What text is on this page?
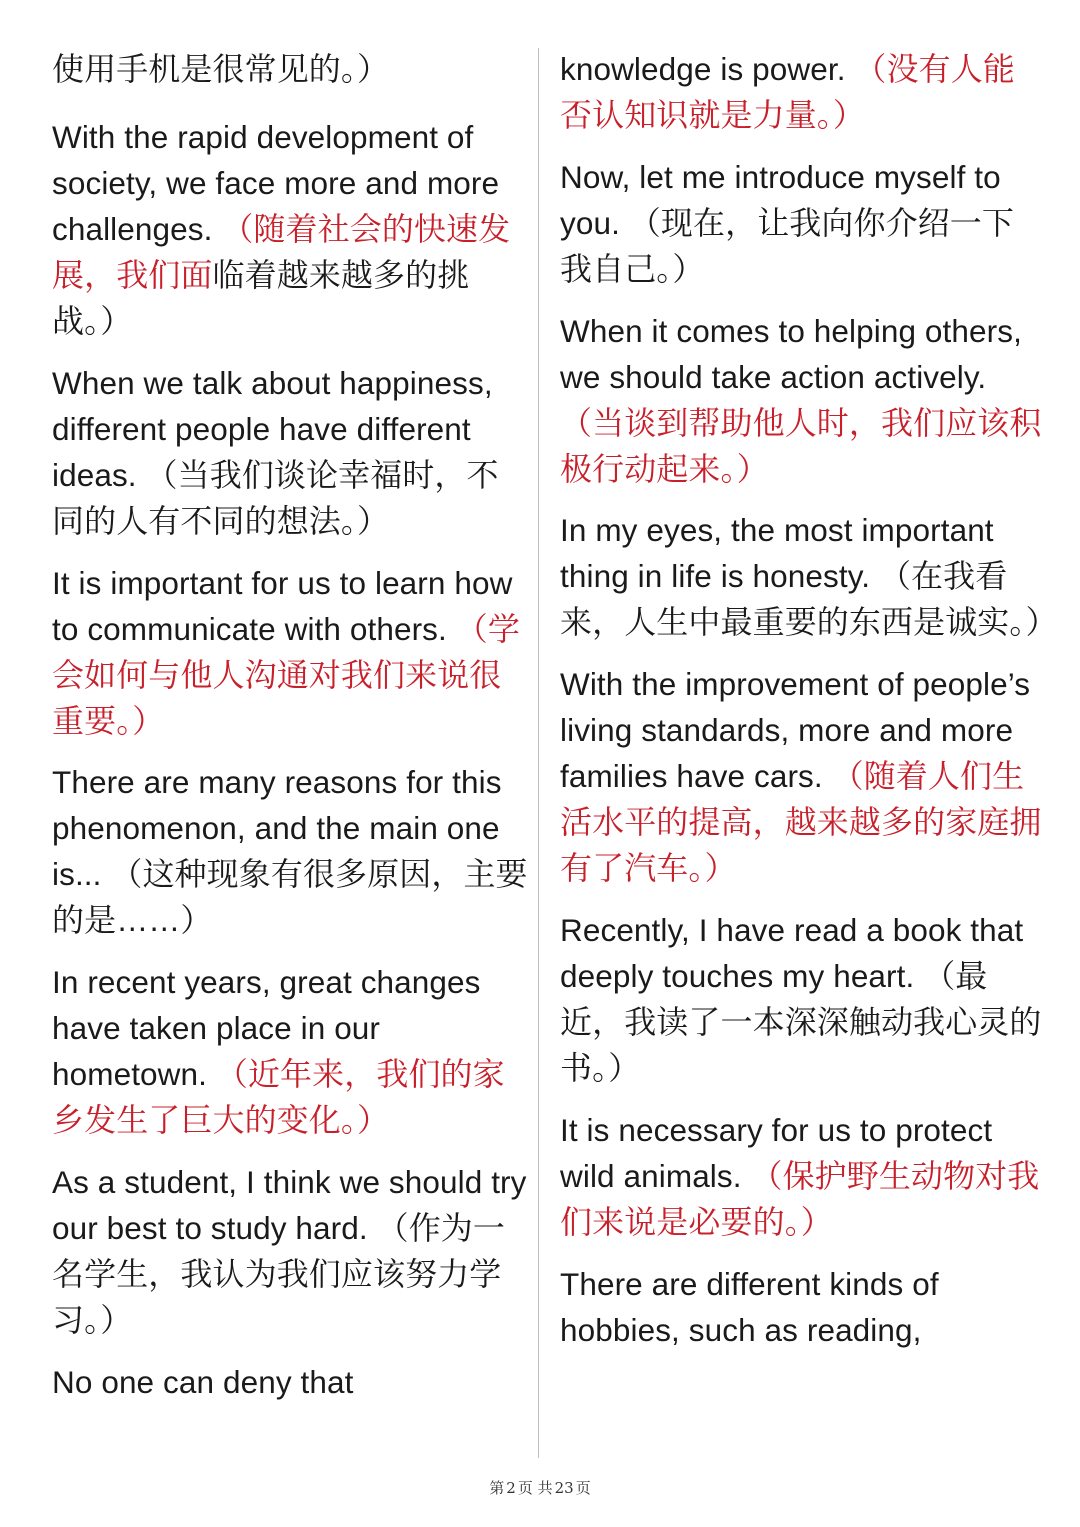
使用手机是很常见的。）

With the rapid development of society, we face more and more challenges. （随着社会的快速发展，我们面临着越来越多的挑战。）

When we talk about happiness, different people have different ideas. （当我们谈论幸福时，不同的人有不同的想法。）

It is important for us to learn how to communicate with others. （学会如何与他人沟通对我们来说很重要。）

There are many reasons for this phenomenon, and the main one is... （这种现象有很多原因，主要的是……）

In recent years, great changes have taken place in our hometown. （近年来，我们的家乡发生了巨大的变化。）

As a student, I think we should try our best to study hard. （作为一名学生，我认为我们应该努力学习。）

No one can deny that

knowledge is power. （没有人能否认知识就是力量。）

Now, let me introduce myself to you. （现在，让我向你介绍一下我自己。）

When it comes to helping others, we should take action actively. （当谈到帮助他人时，我们应该积极行动起来。）

In my eyes, the most important thing in life is honesty. （在我看来，人生中最重要的东西是诚实。）

With the improvement of people’s living standards, more and more families have cars. （随着人们生活水平的提高，越来越多的家庭拥有了汽车。）

Recently, I have read a book that deeply touches my heart. （最近，我读了一本深深触动我心灵的书。）

It is necessary for us to protect wild animals. （保护野生动物对我们来说是必要的。）

There are different kinds of hobbies, such as reading,

第 2 页 共 23 页
